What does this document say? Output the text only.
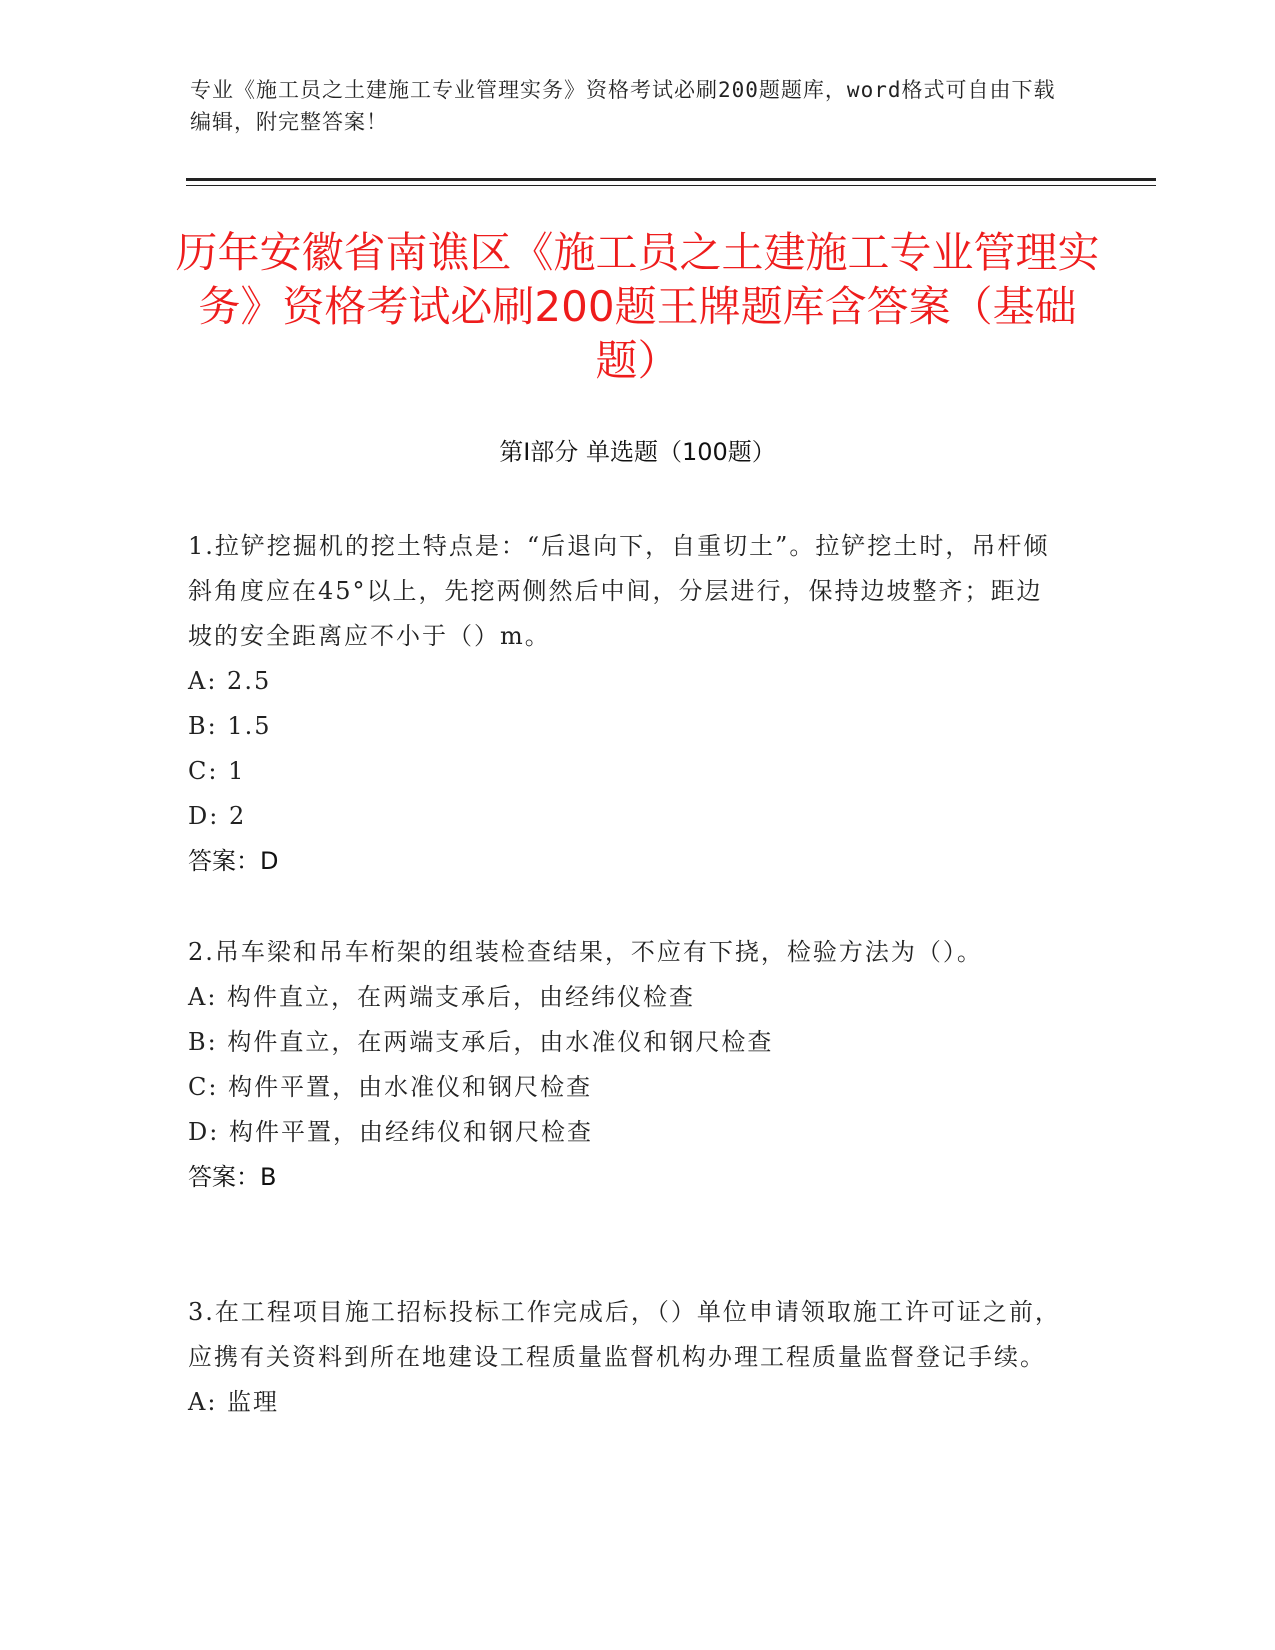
专业《施工员之土建施工专业管理实务》资格考试必刷200题题库，word格式可自由下载编辑，附完整答案！
历年安徽省南谯区《施工员之土建施工专业管理实务》资格考试必刷200题王牌题库含答案（基础题）
第Ⅰ部分 单选题（100题）
1.拉铲挖掘机的挖土特点是：“后退向下，自重切土”。拉铲挖土时，吊杆倾斜角度应在45°以上，先挖两侧然后中间，分层进行，保持边坡整齐；距边坡的安全距离应不小于（）m。
A: 2.5
B: 1.5
C: 1
D: 2
答案：D
2.吊车梁和吊车桁架的组装检查结果，不应有下挠，检验方法为（）。
A: 构件直立，在两端支承后，由经纬仪检查
B: 构件直立，在两端支承后，由水准仪和钢尺检查
C: 构件平置，由水准仪和钢尺检查
D: 构件平置，由经纬仪和钢尺检查
答案：B
3.在工程项目施工招标投标工作完成后，（）单位申请领取施工许可证之前，应携有关资料到所在地建设工程质量监督机构办理工程质量监督登记手续。
A: 监理
